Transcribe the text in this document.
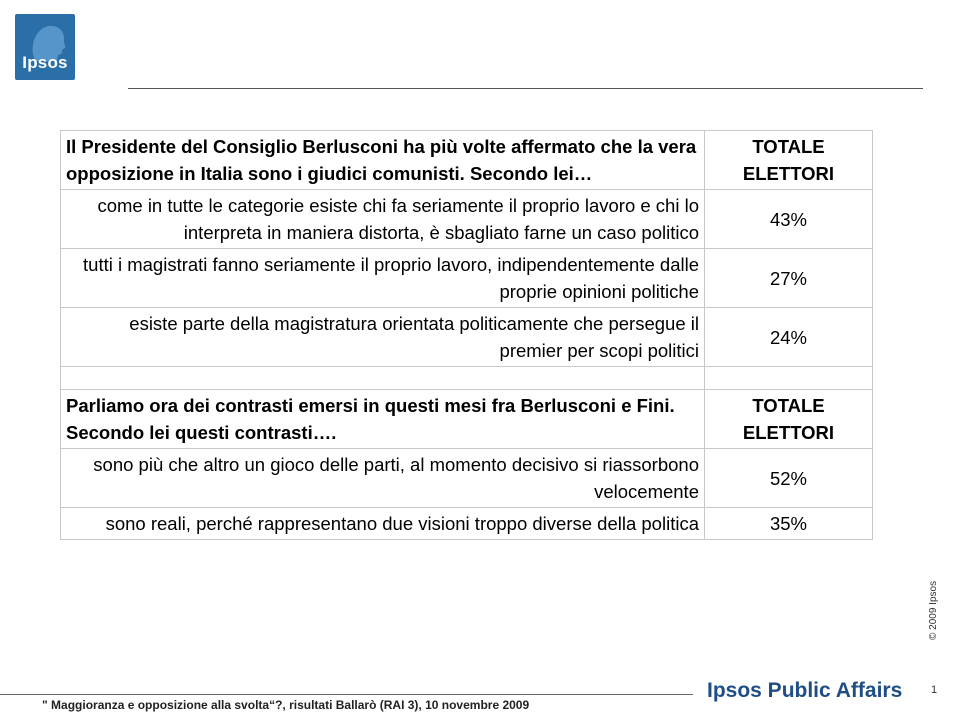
Ipsos
Il Presidente del Consiglio Berlusconi ha più volte affermato che la vera opposizione in Italia sono i giudici comunisti. Secondo lei…	TOTALE ELETTORI
come in tutte le categorie esiste chi fa seriamente il proprio lavoro e chi lo interpreta in maniera distorta, è sbagliato farne un caso politico	43%
tutti i magistrati fanno seriamente il proprio lavoro, indipendentemente dalle proprie opinioni politiche	27%
esiste parte della magistratura orientata politicamente che persegue il premier per scopi politici	24%

Parliamo ora dei contrasti emersi in questi mesi fra Berlusconi e Fini. Secondo lei questi contrasti….	TOTALE ELETTORI
sono più che altro un gioco delle parti, al momento decisivo si riassorbono velocemente	52%
sono reali, perché rappresentano due visioni troppo diverse della politica	35%
© 2009 Ipsos
" Maggioranza e opposizione alla svolta“?, risultati Ballarò (RAI 3), 10 novembre 2009
Ipsos Public Affairs	1
